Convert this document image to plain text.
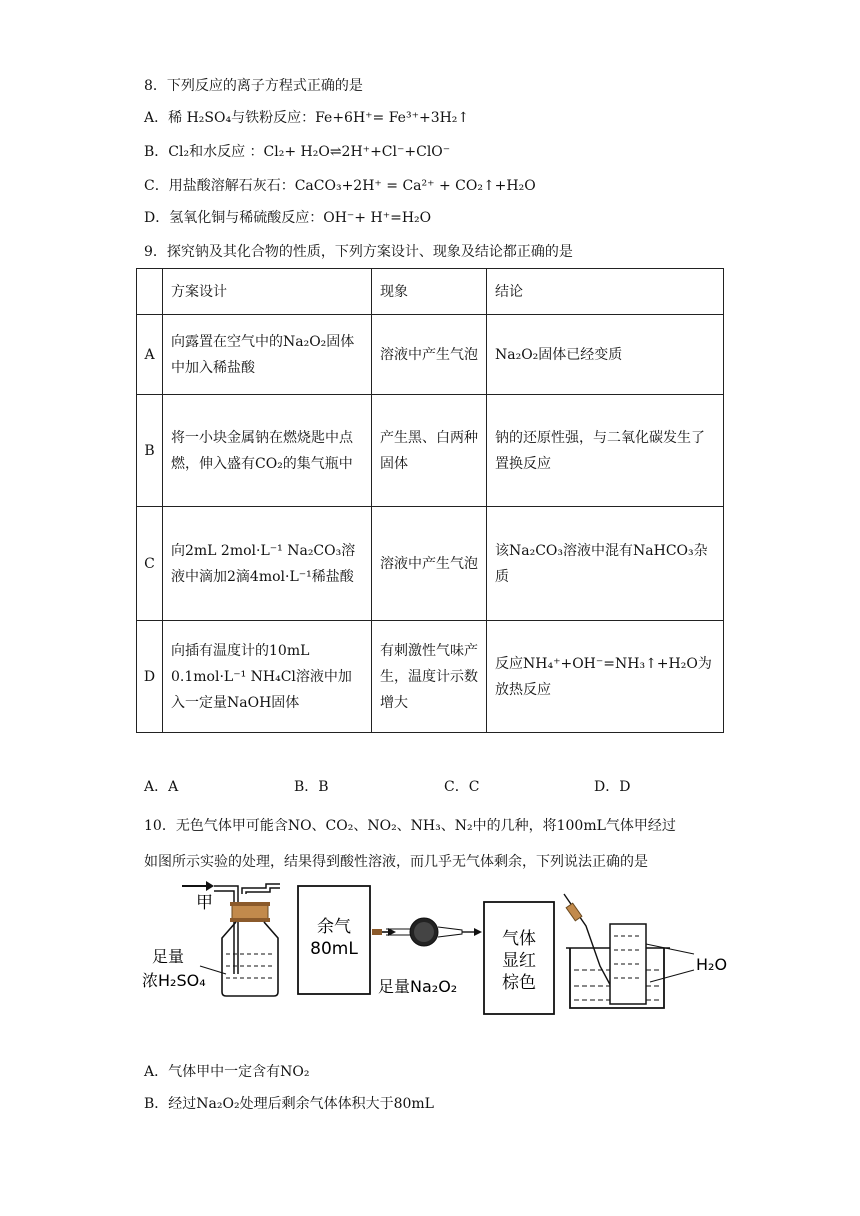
8．下列反应的离子方程式正确的是
A．稀 H₂SO₄与铁粉反应：Fe+6H⁺= Fe³⁺+3H₂↑
B．Cl₂和水反应 ：Cl₂+ H₂O⇌2H⁺+Cl⁻+ClO⁻
C．用盐酸溶解石灰石：CaCO₃+2H⁺ = Ca²⁺ + CO₂↑+H₂O
D．氢氧化铜与稀硫酸反应：OH⁻+ H⁺=H₂O
9．探究钠及其化合物的性质，下列方案设计、现象及结论都正确的是
	方案设计	现象	结论
A	向露置在空气中的Na₂O₂固体中加入稀盐酸	溶液中产生气泡	Na₂O₂固体已经变质
B	将一小块金属钠在燃烧匙中点燃，伸入盛有CO₂的集气瓶中	产生黑、白两种固体	钠的还原性强，与二氧化碳发生了置换反应
C	向2mL 2mol·L⁻¹ Na₂CO₃溶液中滴加2滴4mol·L⁻¹稀盐酸	溶液中产生气泡	该Na₂CO₃溶液中混有NaHCO₃杂质
D	向插有温度计的10mL 0.1mol·L⁻¹ NH₄Cl溶液中加入一定量NaOH固体	有刺激性气味产生，温度计示数增大	反应NH₄⁺+OH⁻=NH₃↑+H₂O为放热反应
A．A	B．B	C．C	D．D
10．无色气体甲可能含NO、CO₂、NO₂、NH₃、N₂中的几种，将100mL气体甲经过
如图所示实验的处理，结果得到酸性溶液，而几乎无气体剩余，下列说法正确的是
甲
足量
浓H₂SO₄
余气
80mL
足量Na₂O₂
气体
显红
棕色
H₂O
A．气体甲中一定含有NO₂
B．经过Na₂O₂处理后剩余气体体积大于80mL
